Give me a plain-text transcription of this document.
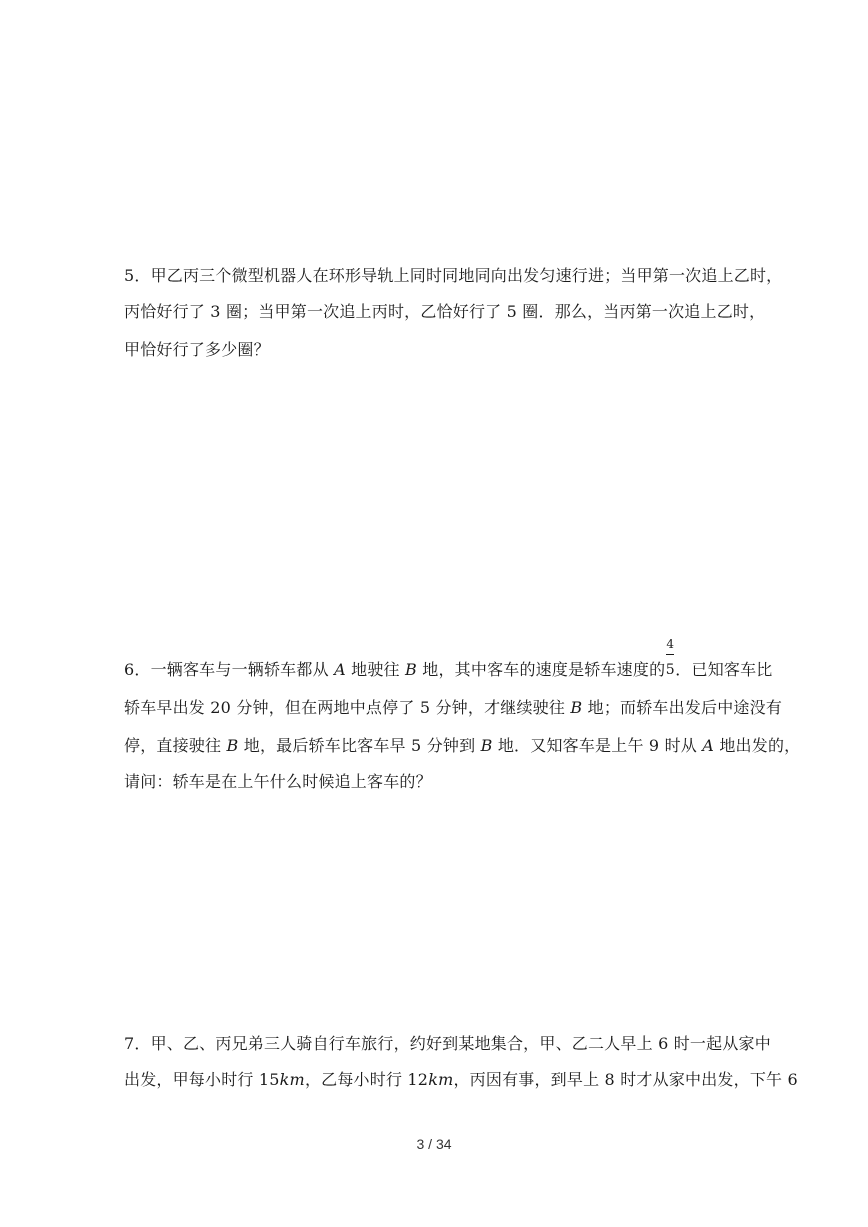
5．甲乙丙三个微型机器人在环形导轨上同时同地同向出发匀速行进；当甲第一次追上乙时，
丙恰好行了 3 圈；当甲第一次追上丙时，乙恰好行了 5 圈．那么，当丙第一次追上乙时，
甲恰好行了多少圈？
6．一辆客车与一辆轿车都从 A 地驶往 B 地，其中客车的速度是轿车速度的 $\frac{4}{5}$ ．已知客车比
轿车早出发 20 分钟，但在两地中点停了 5 分钟，才继续驶往 B 地；而轿车出发后中途没有
停，直接驶往 B 地，最后轿车比客车早 5 分钟到 B 地．又知客车是上午 9 时从 A 地出发的，
请问：轿车是在上午什么时候追上客车的？
7．甲、乙、丙兄弟三人骑自行车旅行，约好到某地集合，甲、乙二人早上 6 时一起从家中
出发，甲每小时行 15km，乙每小时行 12km，丙因有事，到早上 8 时才从家中出发，下午 6
3 / 34
